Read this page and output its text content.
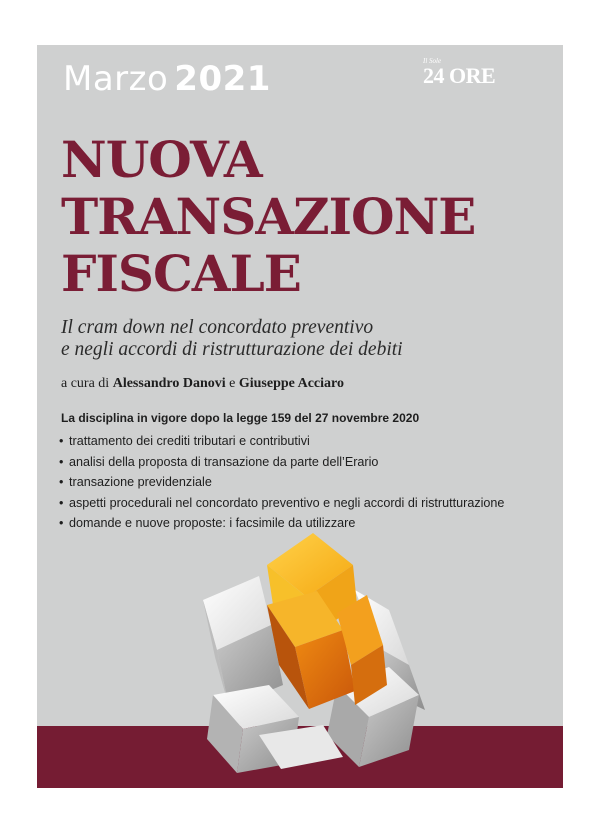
Marzo 2021	Il Sole
24 ORE
NUOVA
TRANSAZIONE
FISCALE
Il cram down nel concordato preventivo
e negli accordi di ristrutturazione dei debiti
a cura di Alessandro Danovi e Giuseppe Acciaro
La disciplina in vigore dopo la legge 159 del 27 novembre 2020
• trattamento dei crediti tributari e contributivi
• analisi della proposta di transazione da parte dell’Erario
• transazione previdenziale
• aspetti procedurali nel concordato preventivo e negli accordi di ristrutturazione
• domande e nuove proposte: i facsimile da utilizzare
